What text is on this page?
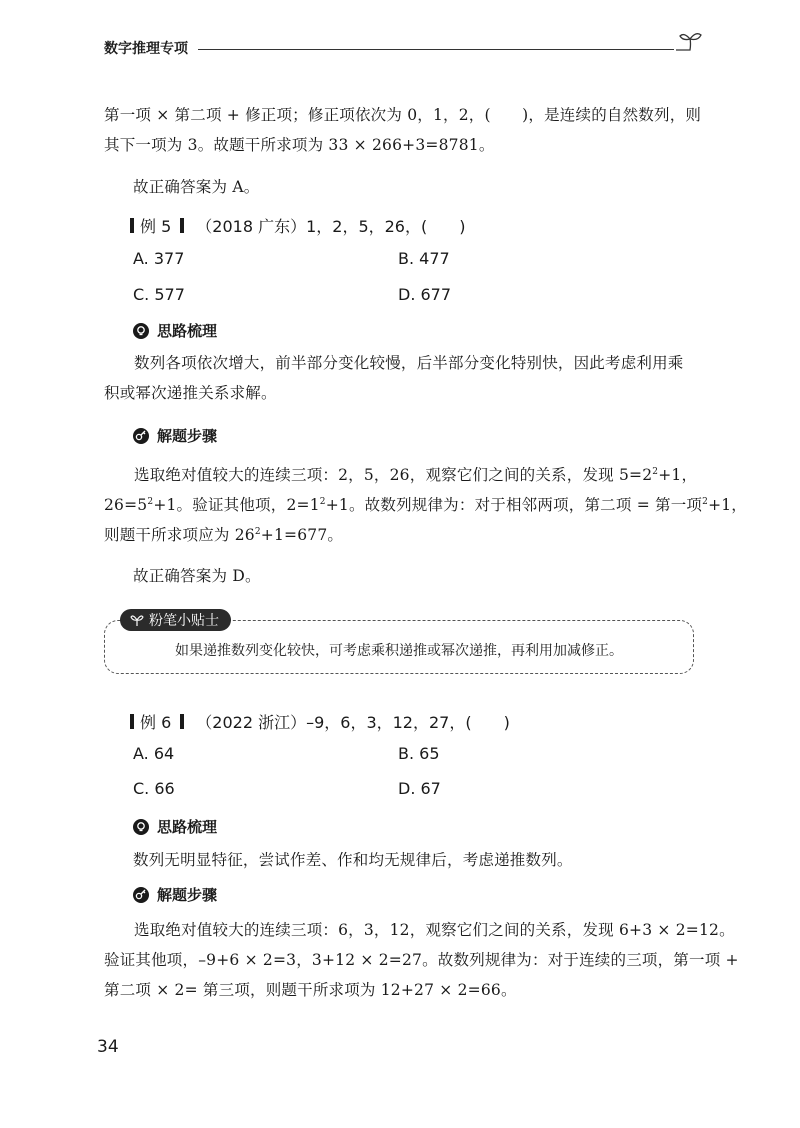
数字推理专项
第一项 × 第二项 + 修正项；修正项依次为 0，1，2，(　　)，是连续的自然数列，则
其下一项为 3。故题干所求项为 33 × 266+3=8781。
故正确答案为 A。
例 5 （2018 广东）1，2，5，26，(　　)
A. 377	B. 477
C. 577	D. 677
思路梳理
数列各项依次增大，前半部分变化较慢，后半部分变化特别快，因此考虑利用乘
积或幂次递推关系求解。
解题步骤
选取绝对值较大的连续三项：2，5，26，观察它们之间的关系，发现 $5=2^2+1$，
$26=5^2+1$。验证其他项，$2=1^2+1$。故数列规律为：对于相邻两项，第二项 = 第一项$^2$+1，
则题干所求项应为 $26^2+1=677$。
故正确答案为 D。
粉笔小贴士
如果递推数列变化较快，可考虑乘积递推或幂次递推，再利用加减修正。
例 6 （2022 浙江）–9，6，3，12，27，(　　)
A. 64	B. 65
C. 66	D. 67
思路梳理
数列无明显特征，尝试作差、作和均无规律后，考虑递推数列。
解题步骤
选取绝对值较大的连续三项：6，3，12，观察它们之间的关系，发现 6+3 × 2=12。
验证其他项，–9+6 × 2=3，3+12 × 2=27。故数列规律为：对于连续的三项，第一项 +
第二项 × 2= 第三项，则题干所求项为 12+27 × 2=66。
34
